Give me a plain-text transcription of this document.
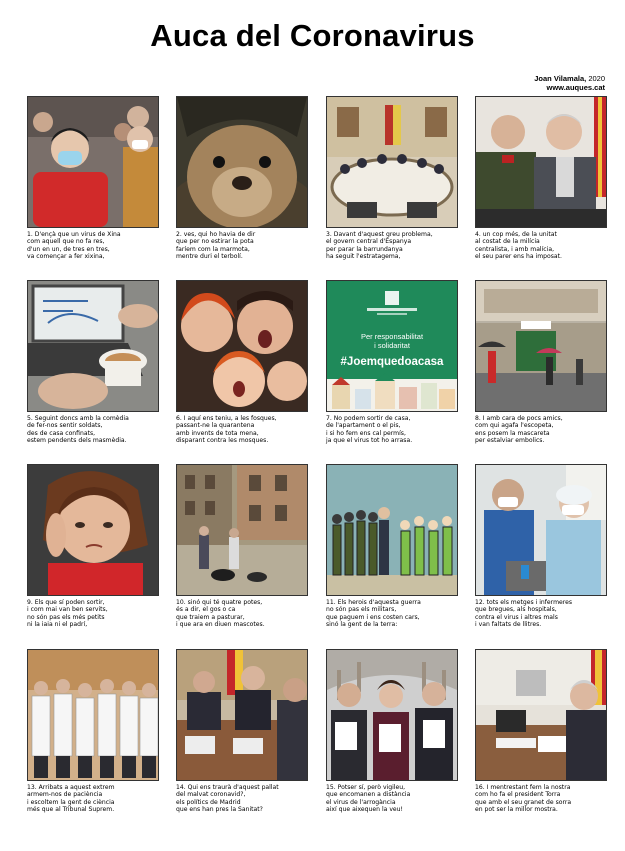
Auca del Coronavirus
Joan Vilamala, 2020
www.auques.cat
1. D'ençà que un virus de Xina
com aquell que no fa res,
d'un en un, de tres en tres,
va començar a fer xixina,
2. ves, qui ho havia de dir
que per no estirar la pota
faríem com la marmota,
mentre duri el terbolí.
3. Davant d'aquest greu problema,
el govern central d'Espanya
per parar la barrundanya
ha seguit l'estratagema,
4. un cop més, de la unitat
al costat de la milícia
centralista, i amb malícia,
el seu parer ens ha imposat.
5. Seguint doncs amb la comèdia
de fer-nos sentir soldats,
des de casa confinats,
estem pendents dels masmèdia.
6. I aquí ens teniu, a les fosques,
passant-ne la quarantena
amb invents de tota mena,
disparant contra les mosques.
Per responsabilitat
i solidaritat
#Joemquedoacasa
7. No podem sortir de casa,
de l'apartament o el pis,
i si ho fem ens cal permís,
ja que el virus tot ho arrasa.
8. I amb cara de pocs amics,
com qui agafa l'escopeta,
ens posem la mascareta
per estalviar embolics.
9. Els que sí poden sortir,
i com mai van ben servits,
no són pas els més petits
ni la iaia ni el padrí,
10. sinó qui té quatre potes,
és a dir, el gos o ca
que traiem a pasturar,
i que ara en diuen mascotes.
11. Els herois d'aquesta guerra
no són pas els militars,
que paguem i ens costen cars,
sinó la gent de la terra:
12. tots els metges i infermeres
que bregues, als hospitals,
contra el virus i altres mals
i van faltats de llitres.
13. Arribats a aquest extrem
armem-nos de paciència
i escoltem la gent de ciència
més que al Tribunal Suprem.
14. Qui ens traurà d'aquest pallat
del malvat coronavid?,
els polítics de Madrid
que ens han pres la Sanitat?
15. Potser sí, però vigileu,
que encomanen a distància
el virus de l'arrogància
així que aixequen la veu!
16. I mentrestant fem la nostra
com ho fa el president Torra
que amb el seu granet de sorra
en pot ser la millor mostra.
